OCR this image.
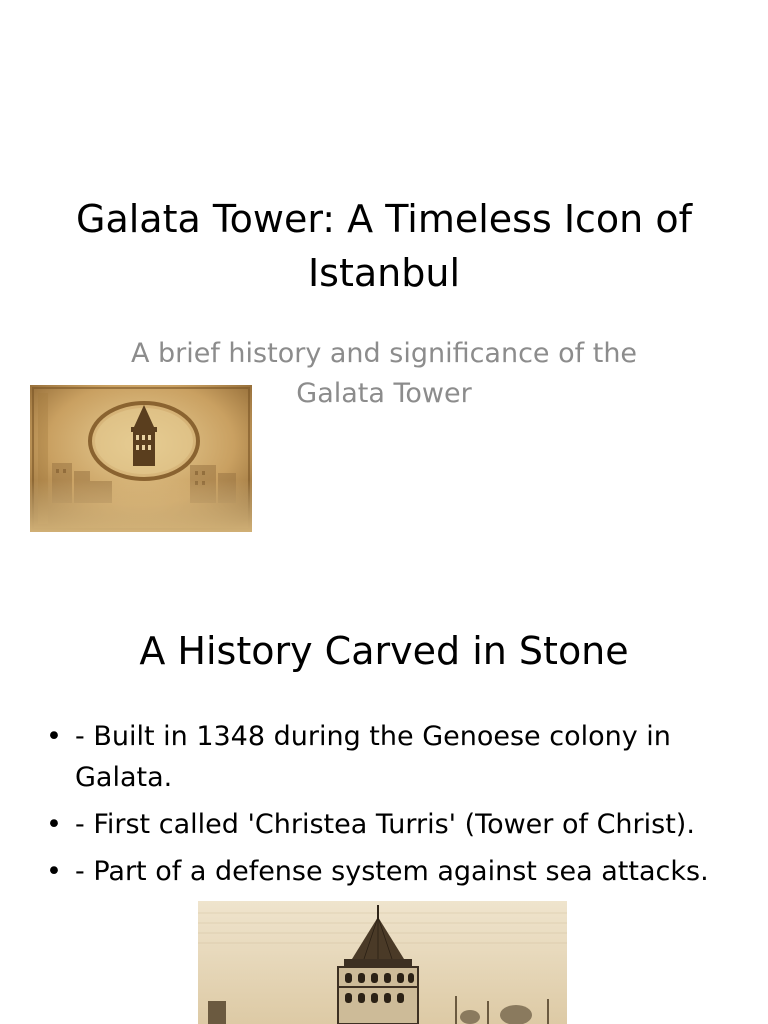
Galata Tower: A Timeless Icon of Istanbul
A brief history and significance of the Galata Tower
A History Carved in Stone
• - Built in 1348 during the Genoese colony in Galata.
• - First called 'Christea Turris' (Tower of Christ).
• - Part of a defense system against sea attacks.
